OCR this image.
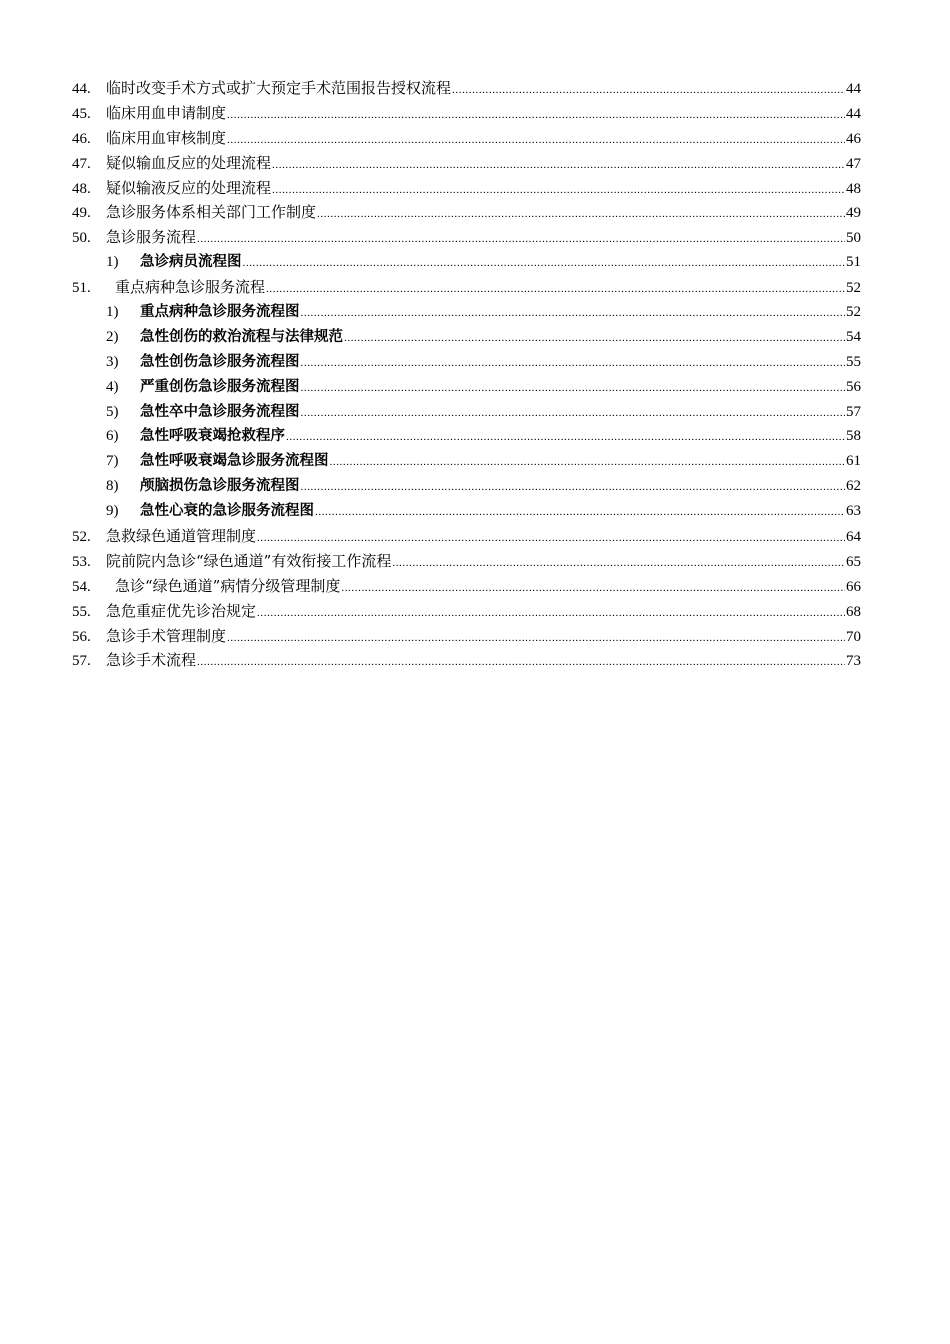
44.	临时改变手术方式或扩大预定手术范围报告授权流程 .....	44
45.	临床用血申请制度 .....	44
46.	临床用血审核制度 .....	46
47.	疑似输血反应的处理流程 .....	47
48.	疑似输液反应的处理流程 .....	48
49.	急诊服务体系相关部门工作制度 .....	49
50.	急诊服务流程 .....	50
1)	急诊病员流程图 .....	51
51.	重点病种急诊服务流程 .....	52
1)	重点病种急诊服务流程图 .....	52
2)	急性创伤的救治流程与法律规范 .....	54
3)	急性创伤急诊服务流程图 .....	55
4)	严重创伤急诊服务流程图 .....	56
5)	急性卒中急诊服务流程图 .....	57
6)	急性呼吸衰竭抢救程序 .....	58
7)	急性呼吸衰竭急诊服务流程图 .....	61
8)	颅脑损伤急诊服务流程图 .....	62
9)	急性心衰的急诊服务流程图 .....	63
52.	急救绿色通道管理制度 .....	64
53.	院前院内急诊“绿色通道”有效衔接工作流程 .....	65
54.	急诊“绿色通道”病情分级管理制度 .....	66
55.	急危重症优先诊治规定 .....	68
56.	急诊手术管理制度 .....	70
57.	急诊手术流程 .....	73
